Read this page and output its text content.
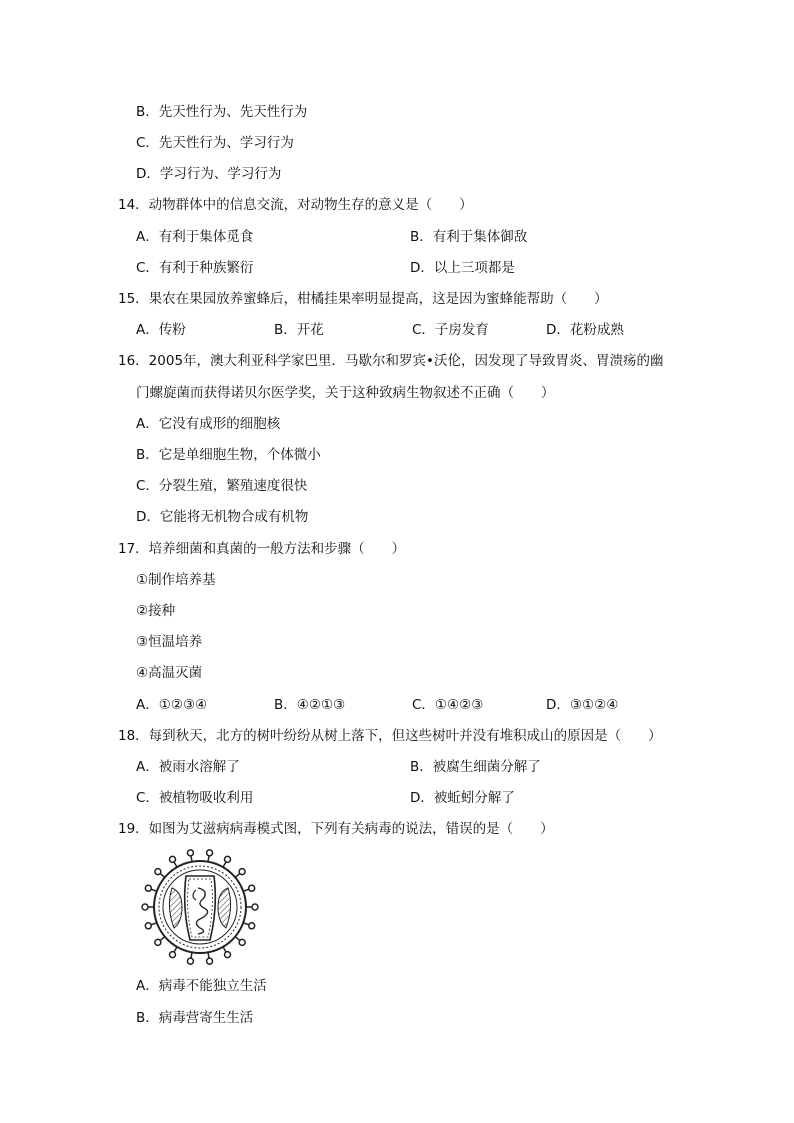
B．先天性行为、先天性行为
C．先天性行为、学习行为
D．学习行为、学习行为
14．动物群体中的信息交流，对动物生存的意义是（　　）
A．有利于集体觅食	B．有利于集体御敌
C．有利于种族繁衍	D．以上三项都是
15．果农在果园放养蜜蜂后，柑橘挂果率明显提高，这是因为蜜蜂能帮助（　　）
A．传粉	B．开花	C．子房发育	D．花粉成熟
16．2005年，澳大利亚科学家巴里．马歇尔和罗宾•沃伦，因发现了导致胃炎、胃溃疡的幽
门螺旋菌而获得诺贝尔医学奖，关于这种致病生物叙述不正确（　　）
A．它没有成形的细胞核
B．它是单细胞生物，个体微小
C．分裂生殖，繁殖速度很快
D．它能将无机物合成有机物
17．培养细菌和真菌的一般方法和步骤（　　）
①制作培养基
②接种
③恒温培养
④高温灭菌
A．①②③④	B．④②①③	C．①④②③	D．③①②④
18．每到秋天，北方的树叶纷纷从树上落下，但这些树叶并没有堆积成山的原因是（　　）
A．被雨水溶解了	B．被腐生细菌分解了
C．被植物吸收利用	D．被蚯蚓分解了
19．如图为艾滋病病毒模式图，下列有关病毒的说法，错误的是（　　）
A．病毒不能独立生活
B．病毒营寄生生活
